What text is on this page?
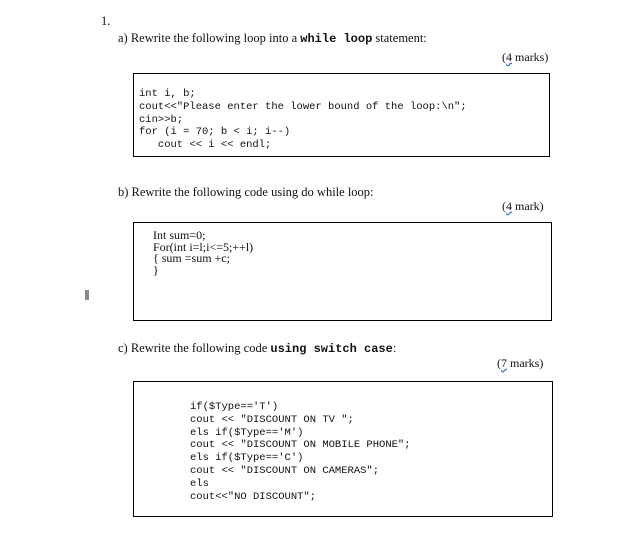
1.
a) Rewrite the following loop into a while loop statement:
(4 marks)
int i, b;
cout<<"Please enter the lower bound of the loop:\n";
cin>>b;
for (i = 70; b < i; i--)
cout << i << endl;
b) Rewrite the following code using do while loop:
(4 mark)
Int sum=0;
For(int i=l;i<=5;++l)
{ sum =sum +c;
}
c) Rewrite the following code using switch case:
(7 marks)
if($Type=='T')
cout << "DISCOUNT ON TV ";
els if($Type=='M')
cout << "DISCOUNT ON MOBILE PHONE";
els if($Type=='C')
cout << "DISCOUNT ON CAMERAS";
els
cout<<"NO DISCOUNT";
